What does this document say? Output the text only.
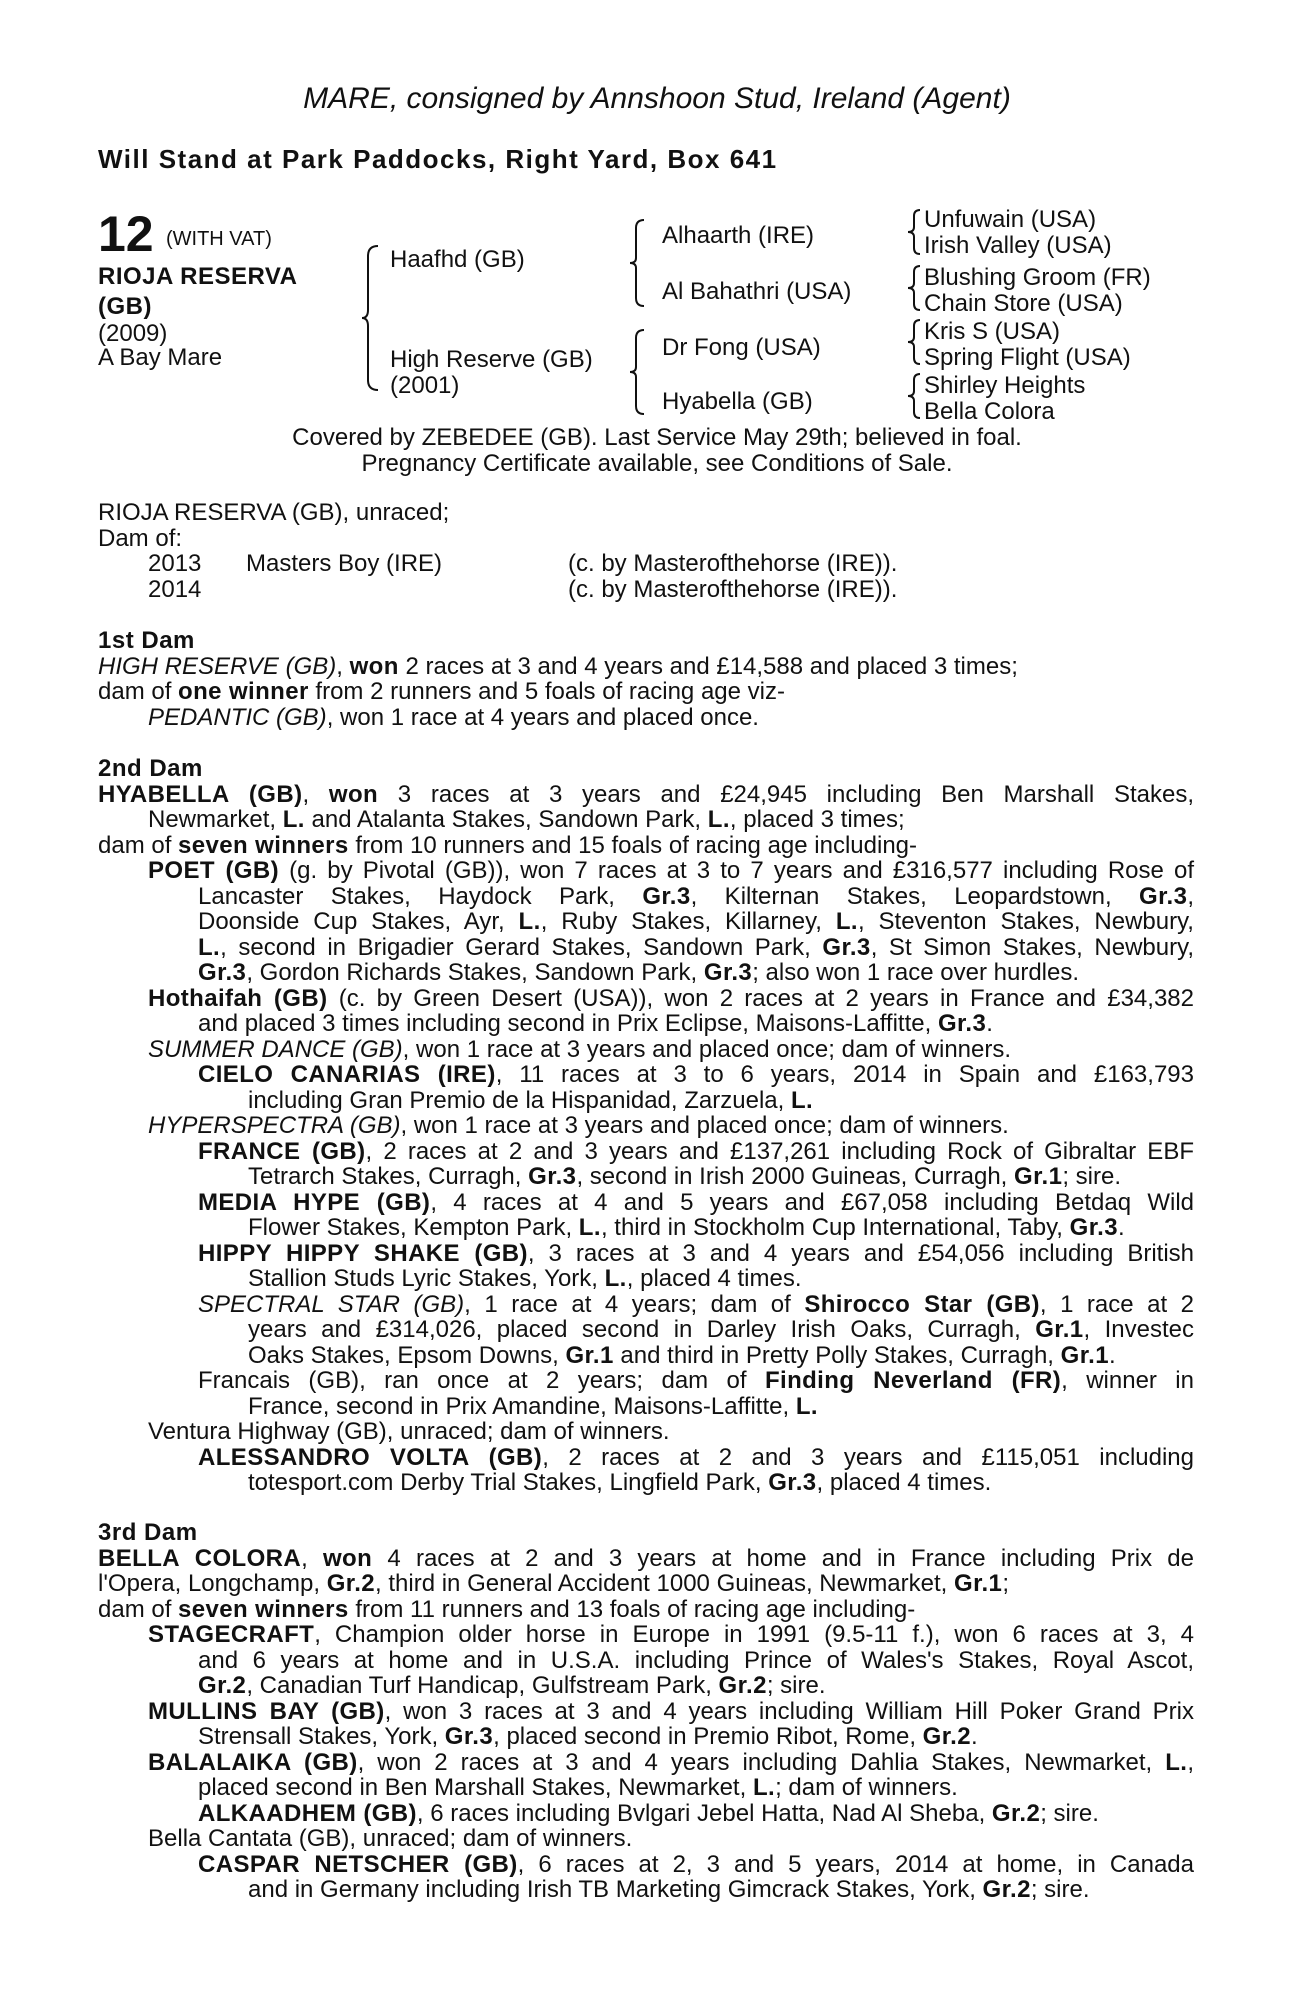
MARE, consigned by Annshoon Stud, Ireland (Agent)
Will Stand at Park Paddocks, Right Yard, Box 641
12 (WITH VAT)
RIOJA RESERVA
(GB)
(2009)
A Bay Mare
Haafhd (GB)
High Reserve (GB)
(2001)
Alhaarth (IRE)
Al Bahathri (USA)
Dr Fong (USA)
Hyabella (GB)
Unfuwain (USA)
Irish Valley (USA)
Blushing Groom (FR)
Chain Store (USA)
Kris S (USA)
Spring Flight (USA)
Shirley Heights
Bella Colora
Covered by ZEBEDEE (GB). Last Service May 29th; believed in foal.
Pregnancy Certificate available, see Conditions of Sale.
RIOJA RESERVA (GB), unraced;
Dam of:
2013 Masters Boy (IRE)	(c. by Masterofthehorse (IRE)).
2014	(c. by Masterofthehorse (IRE)).
1st Dam
HIGH RESERVE (GB), won 2 races at 3 and 4 years and £14,588 and placed 3 times;
dam of one winner from 2 runners and 5 foals of racing age viz-
PEDANTIC (GB), won 1 race at 4 years and placed once.
2nd Dam
HYABELLA (GB), won 3 races at 3 years and £24,945 including Ben Marshall Stakes,
Newmarket, L. and Atalanta Stakes, Sandown Park, L., placed 3 times;
dam of seven winners from 10 runners and 15 foals of racing age including-
POET (GB) (g. by Pivotal (GB)), won 7 races at 3 to 7 years and £316,577 including Rose of
Lancaster Stakes, Haydock Park, Gr.3, Kilternan Stakes, Leopardstown, Gr.3,
Doonside Cup Stakes, Ayr, L., Ruby Stakes, Killarney, L., Steventon Stakes, Newbury,
L., second in Brigadier Gerard Stakes, Sandown Park, Gr.3, St Simon Stakes, Newbury,
Gr.3, Gordon Richards Stakes, Sandown Park, Gr.3; also won 1 race over hurdles.
Hothaifah (GB) (c. by Green Desert (USA)), won 2 races at 2 years in France and £34,382
and placed 3 times including second in Prix Eclipse, Maisons-Laffitte, Gr.3.
SUMMER DANCE (GB), won 1 race at 3 years and placed once; dam of winners.
CIELO CANARIAS (IRE), 11 races at 3 to 6 years, 2014 in Spain and £163,793
including Gran Premio de la Hispanidad, Zarzuela, L.
HYPERSPECTRA (GB), won 1 race at 3 years and placed once; dam of winners.
FRANCE (GB), 2 races at 2 and 3 years and £137,261 including Rock of Gibraltar EBF
Tetrarch Stakes, Curragh, Gr.3, second in Irish 2000 Guineas, Curragh, Gr.1; sire.
MEDIA HYPE (GB), 4 races at 4 and 5 years and £67,058 including Betdaq Wild
Flower Stakes, Kempton Park, L., third in Stockholm Cup International, Taby, Gr.3.
HIPPY HIPPY SHAKE (GB), 3 races at 3 and 4 years and £54,056 including British
Stallion Studs Lyric Stakes, York, L., placed 4 times.
SPECTRAL STAR (GB), 1 race at 4 years; dam of Shirocco Star (GB), 1 race at 2
years and £314,026, placed second in Darley Irish Oaks, Curragh, Gr.1, Investec
Oaks Stakes, Epsom Downs, Gr.1 and third in Pretty Polly Stakes, Curragh, Gr.1.
Francais (GB), ran once at 2 years; dam of Finding Neverland (FR), winner in
France, second in Prix Amandine, Maisons-Laffitte, L.
Ventura Highway (GB), unraced; dam of winners.
ALESSANDRO VOLTA (GB), 2 races at 2 and 3 years and £115,051 including
totesport.com Derby Trial Stakes, Lingfield Park, Gr.3, placed 4 times.
3rd Dam
BELLA COLORA, won 4 races at 2 and 3 years at home and in France including Prix de
l'Opera, Longchamp, Gr.2, third in General Accident 1000 Guineas, Newmarket, Gr.1;
dam of seven winners from 11 runners and 13 foals of racing age including-
STAGECRAFT, Champion older horse in Europe in 1991 (9.5-11 f.), won 6 races at 3, 4
and 6 years at home and in U.S.A. including Prince of Wales's Stakes, Royal Ascot,
Gr.2, Canadian Turf Handicap, Gulfstream Park, Gr.2; sire.
MULLINS BAY (GB), won 3 races at 3 and 4 years including William Hill Poker Grand Prix
Strensall Stakes, York, Gr.3, placed second in Premio Ribot, Rome, Gr.2.
BALALAIKA (GB), won 2 races at 3 and 4 years including Dahlia Stakes, Newmarket, L.,
placed second in Ben Marshall Stakes, Newmarket, L.; dam of winners.
ALKAADHEM (GB), 6 races including Bvlgari Jebel Hatta, Nad Al Sheba, Gr.2; sire.
Bella Cantata (GB), unraced; dam of winners.
CASPAR NETSCHER (GB), 6 races at 2, 3 and 5 years, 2014 at home, in Canada
and in Germany including Irish TB Marketing Gimcrack Stakes, York, Gr.2; sire.
